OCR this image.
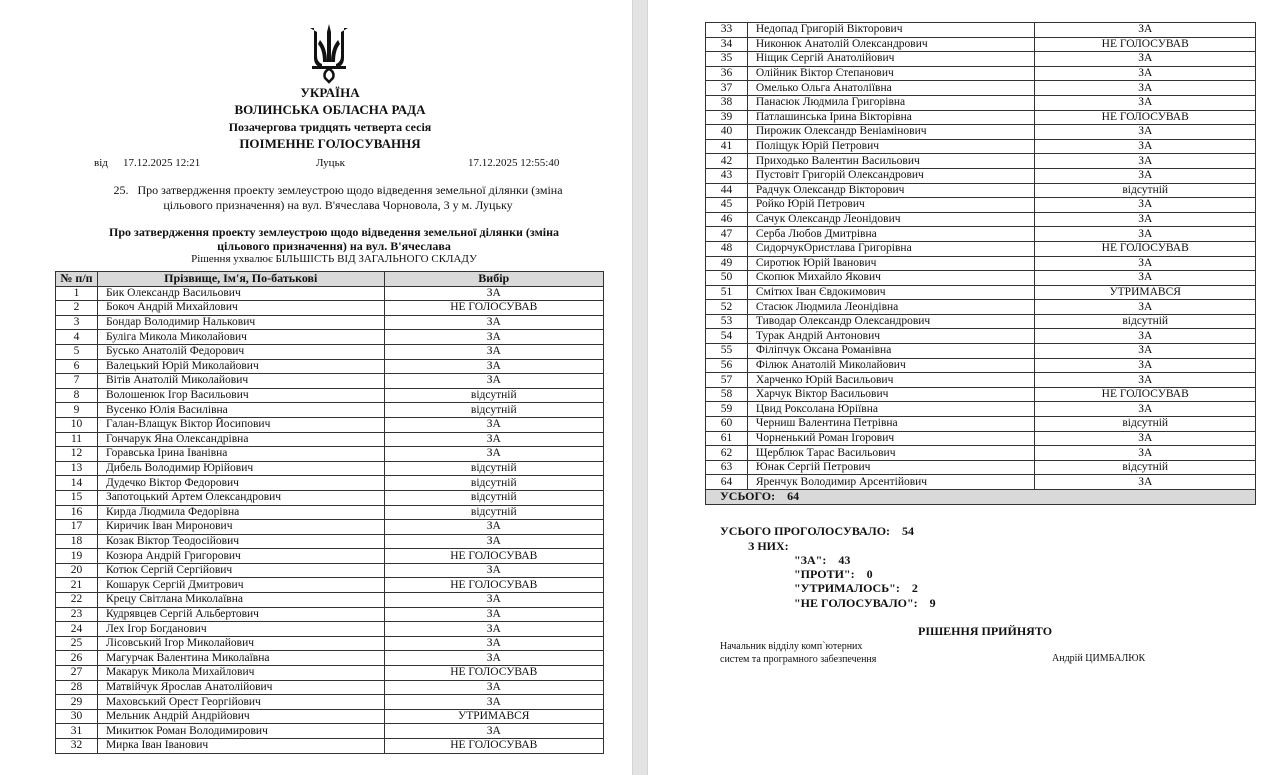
УКРАЇНА
ВОЛИНСЬКА ОБЛАСНА РАДА
Позачергова тридцять четверта сесія
ПОІМЕННЕ ГОЛОСУВАННЯ
від 17.12.2025 12:21	Луцьк	17.12.2025 12:55:40
25. Про затвердження проекту землеустрою щодо відведення земельної ділянки (зміна цільового призначення) на вул. В'ячеслава Чорновола, 3 у м. Луцьку
Про затвердження проекту землеустрою щодо відведення земельної ділянки (зміна цільового призначення) на вул. В'ячеслава
Рішення ухвалює БІЛЬШІСТЬ ВІД ЗАГАЛЬНОГО СКЛАДУ
№ п/п	Прізвище, Ім'я, По-батькові	Вибір
1	Бик Олександр Васильович	ЗА
2	Бокоч Андрій Михайлович	НЕ ГОЛОСУВАВ
3	Бондар Володимир Налькович	ЗА
4	Буліга Микола Миколайович	ЗА
5	Бусько Анатолій Федорович	ЗА
6	Валецький Юрій Миколайович	ЗА
7	Вітів Анатолій Миколайович	ЗА
8	Волошенюк Ігор Васильович	відсутній
9	Вусенко Юлія Василівна	відсутній
10	Галан-Влащук Віктор Йосипович	ЗА
11	Гончарук Яна Олександрівна	ЗА
12	Горавська Ірина Іванівна	ЗА
13	Дибель Володимир Юрійович	відсутній
14	Дудечко Віктор Федорович	відсутній
15	Запотоцький Артем Олександрович	відсутній
16	Кирда Людмила Федорівна	відсутній
17	Киричик Іван Миронович	ЗА
18	Козак Віктор Теодосійович	ЗА
19	Козюра Андрій Григорович	НЕ ГОЛОСУВАВ
20	Котюк Сергій Сергійович	ЗА
21	Кошарук Сергій Дмитрович	НЕ ГОЛОСУВАВ
22	Крецу Світлана Миколаївна	ЗА
23	Кудрявцев Сергій Альбертович	ЗА
24	Лех Ігор Богданович	ЗА
25	Лісовський Ігор Миколайович	ЗА
26	Магурчак Валентина Миколаївна	ЗА
27	Макарук Микола Михайлович	НЕ ГОЛОСУВАВ
28	Матвійчук Ярослав Анатолійович	ЗА
29	Маховський Орест Георгійович	ЗА
30	Мельник Андрій Андрійович	УТРИМАВСЯ
31	Микитюк Роман Володимирович	ЗА
32	Мирка Іван Іванович	НЕ ГОЛОСУВАВ
33	Недопад Григорій Вікторович	ЗА
34	Никонюк Анатолій Олександрович	НЕ ГОЛОСУВАВ
35	Ніщик Сергій Анатолійович	ЗА
36	Олійник Віктор Степанович	ЗА
37	Омелько Ольга Анатоліївна	ЗА
38	Панасюк Людмила Григорівна	ЗА
39	Патлашинська Ірина Вікторівна	НЕ ГОЛОСУВАВ
40	Пирожик Олександр Веніамінович	ЗА
41	Поліщук Юрій Петрович	ЗА
42	Приходько Валентин Васильович	ЗА
43	Пустовіт Григорій Олександрович	ЗА
44	Радчук Олександр Вікторович	відсутній
45	Ройко Юрій Петрович	ЗА
46	Сачук Олександр Леонідович	ЗА
47	Серба Любов Дмитрівна	ЗА
48	СидорчукОристлава Григорівна	НЕ ГОЛОСУВАВ
49	Сиротюк Юрій Іванович	ЗА
50	Скопюк Михайло Якович	ЗА
51	Смітюх Іван Євдокимович	УТРИМАВСЯ
52	Стасюк Людмила Леонідівна	ЗА
53	Тиводар Олександр Олександрович	відсутній
54	Турак Андрій Антонович	ЗА
55	Філіпчук Оксана Романівна	ЗА
56	Філюк Анатолій Миколайович	ЗА
57	Харченко Юрій Васильович	ЗА
58	Харчук Віктор Васильович	НЕ ГОЛОСУВАВ
59	Цвид Роксолана Юріївна	ЗА
60	Черниш Валентина Петрівна	відсутній
61	Чорненький Роман Ігорович	ЗА
62	Щерблюк Тарас Васильович	ЗА
63	Юнак Сергій Петрович	відсутній
64	Яренчук Володимир Арсентійович	ЗА
УСЬОГО: 64		
УСЬОГО ПРОГОЛОСУВАЛО: 54
З НИХ:
"ЗА": 43
"ПРОТИ": 0
"УТРИМАЛОСЬ": 2
"НЕ ГОЛОСУВАЛО": 9
РІШЕННЯ ПРИЙНЯТО
Начальник відділу комп`ютерних
систем та програмного забезпечення	Андрій ЦИМБАЛЮК
